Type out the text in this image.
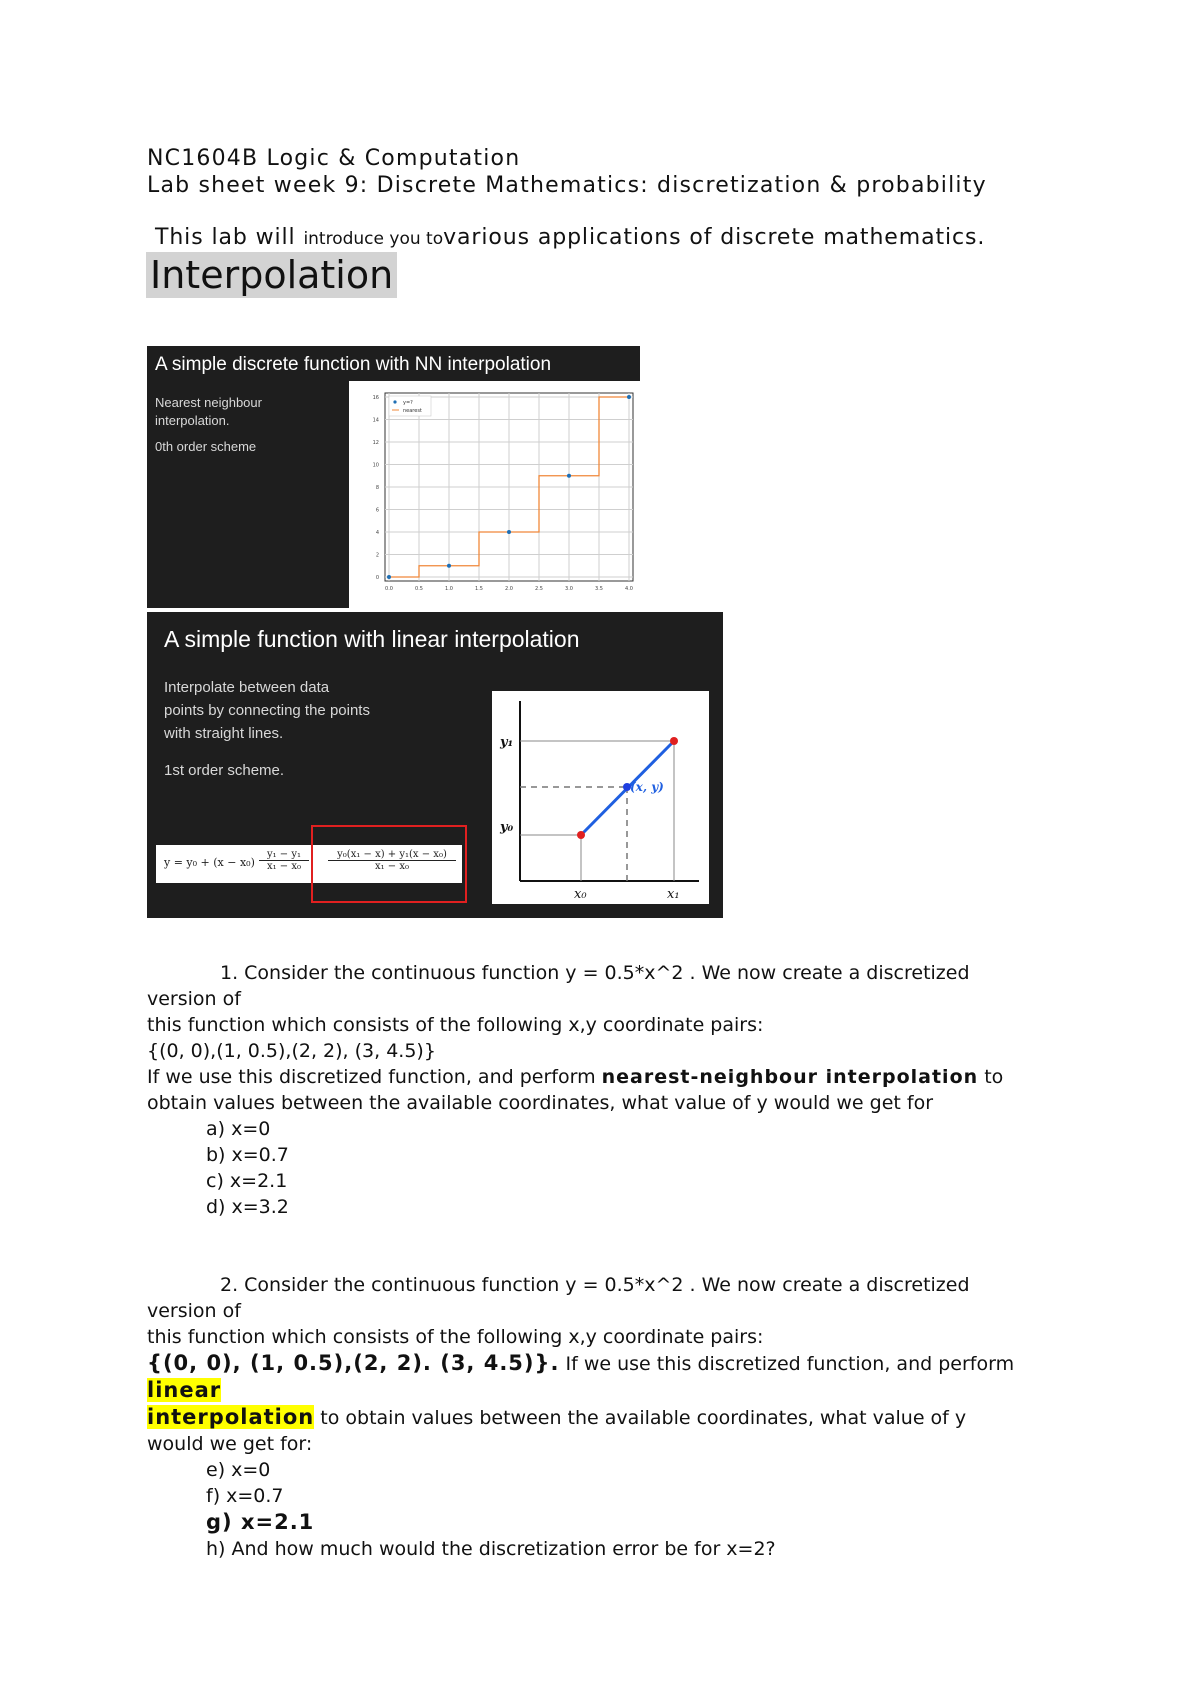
NC1604B Logic & Computation
Lab sheet week 9: Discrete Mathematics: discretization & probability
This lab will introduce you tovarious applications of discrete mathematics.
Interpolation
A simple discrete function with NN interpolation
Nearest neighbour
interpolation.
0th order scheme
0
2
4
6
8
10
12
14
16
0.0	0.5	1.0	1.5	2.0	2.5	3.0	3.5	4.0
y=?
nearest
A simple function with linear interpolation
Interpolate between data
points by connecting the points
with straight lines.
1st order scheme.
$y = y_0 + (x - x_0) \frac{\text{y₁ − y₁}}{\text{x₁ − x₀}} \frac{\text{y₀(x₁ − x) + y₁(x − x₀)}}{\text{x₁ − x₀}}$
y₁
y₀
(x, y)
x₀	x₁
1. Consider the continuous function y = 0.5*x^2 . We now create a discretized
version of
this function which consists of the following x,y coordinate pairs:
{(0, 0),(1, 0.5),(2, 2), (3, 4.5)}
If we use this discretized function, and perform nearest-neighbour interpolation to
obtain values between the available coordinates, what value of y would we get for
a) x=0
b) x=0.7
c) x=2.1
d) x=3.2
2. Consider the continuous function y = 0.5*x^2 . We now create a discretized
version of
this function which consists of the following x,y coordinate pairs:
{(0, 0), (1, 0.5),(2, 2). (3, 4.5)}. If we use this discretized function, and perform
linear
interpolation to obtain values between the available coordinates, what value of y
would we get for:
e) x=0
f) x=0.7
g) x=2.1
h) And how much would the discretization error be for x=2?
